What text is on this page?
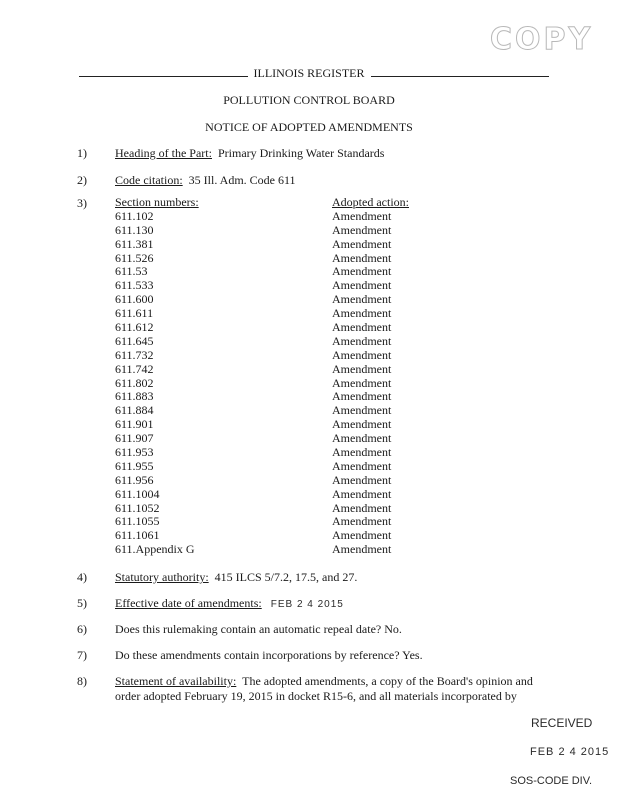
COPY
ILLINOIS REGISTER
POLLUTION CONTROL BOARD
NOTICE OF ADOPTED AMENDMENTS
1) Heading of the Part: Primary Drinking Water Standards
2) Code citation: 35 Ill. Adm. Code 611
3) Section numbers:
611.102
611.130
611.381
611.526
611.53
611.533
611.600
611.611
611.612
611.645
611.732
611.742
611.802
611.883
611.884
611.901
611.907
611.953
611.955
611.956
611.1004
611.1052
611.1055
611.1061
611.Appendix G
Adopted action:
Amendment
Amendment
Amendment
Amendment
Amendment
Amendment
Amendment
Amendment
Amendment
Amendment
Amendment
Amendment
Amendment
Amendment
Amendment
Amendment
Amendment
Amendment
Amendment
Amendment
Amendment
Amendment
Amendment
Amendment
Amendment
4) Statutory authority: 415 ILCS 5/7.2, 17.5, and 27.
5) Effective date of amendments: FEB 2 4 2015
6) Does this rulemaking contain an automatic repeal date? No.
7) Do these amendments contain incorporations by reference? Yes.
8) Statement of availability: The adopted amendments, a copy of the Board's opinion and
order adopted February 19, 2015 in docket R15-6, and all materials incorporated by
RECEIVED
FEB 2 4 2015
SOS-CODE DIV.
